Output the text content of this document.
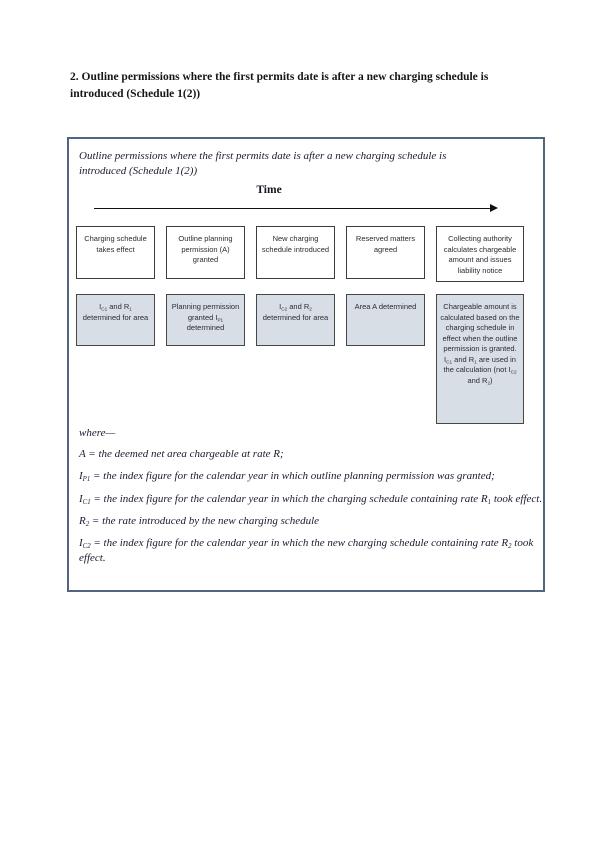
2. Outline permissions where the first permits date is after a new charging schedule is
introduced (Schedule 1(2))
Outline permissions where the first permits date is after a new charging schedule is
introduced (Schedule 1(2))
Time
Charging schedule takes effect
Outline planning permission (A) granted
New charging schedule introduced
Reserved matters agreed
Collecting authority calculates chargeable amount and issues liability notice
$I_{C1}$ and $R_1$ determined for area
Planning permission granted $I_{P1}$ determined
$I_{C2}$ and $R_2$ determined for area
Area A determined	Chargeable amount is calculated based on the charging schedule in effect when the outline permission is granted. $I_{C1}$ and $R_1$ are used in the calculation (not $I_{C2}$ and $R_2$)
where—
A = the deemed net area chargeable at rate R;
$I_{P1}$ = the index figure for the calendar year in which outline planning permission was granted;
$I_{C1}$ = the index figure for the calendar year in which the charging schedule containing rate $R_1$ took effect.
$R_2$ = the rate introduced by the new charging schedule
$I_{C2}$ = the index figure for the calendar year in which the new charging schedule containing rate $R_2$ took effect.
